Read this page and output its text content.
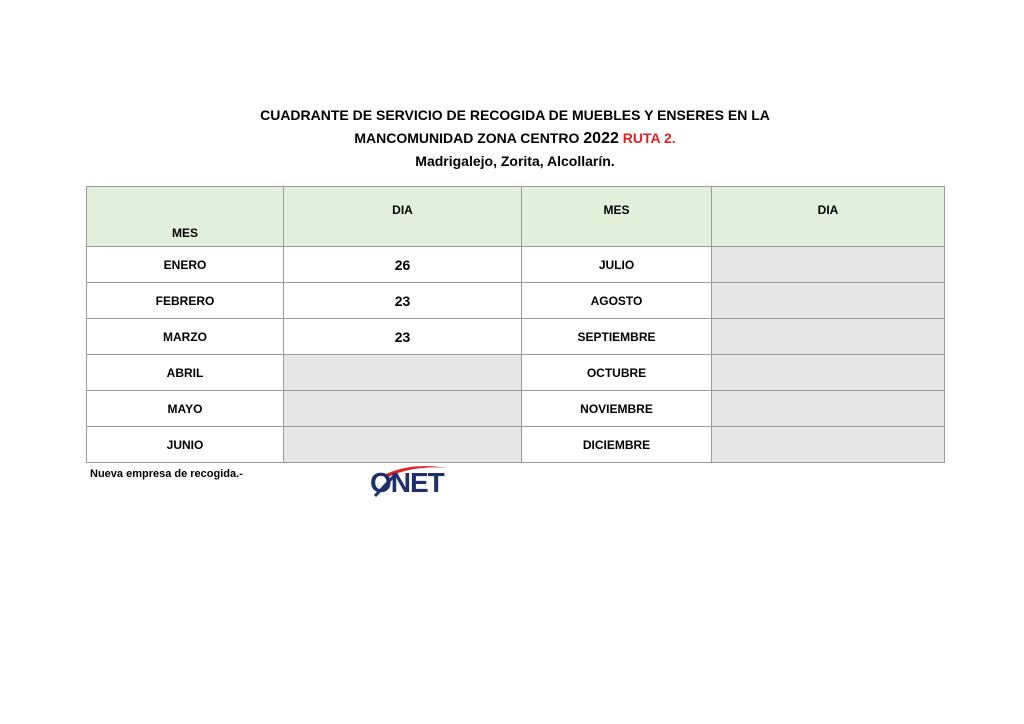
CUADRANTE DE SERVICIO DE RECOGIDA DE MUEBLES Y ENSERES EN LA
MANCOMUNIDAD ZONA CENTRO 2022 RUTA 2.
Madrigalejo, Zorita, Alcollarín.
MES	DIA	MES	DIA
ENERO	26	JULIO	
FEBRERO	23	AGOSTO	
MARZO	23	SEPTIEMBRE	
ABRIL		OCTUBRE	
MAYO		NOVIEMBRE	
JUNIO		DICIEMBRE	
Nueva empresa de recogida.-	ONET
